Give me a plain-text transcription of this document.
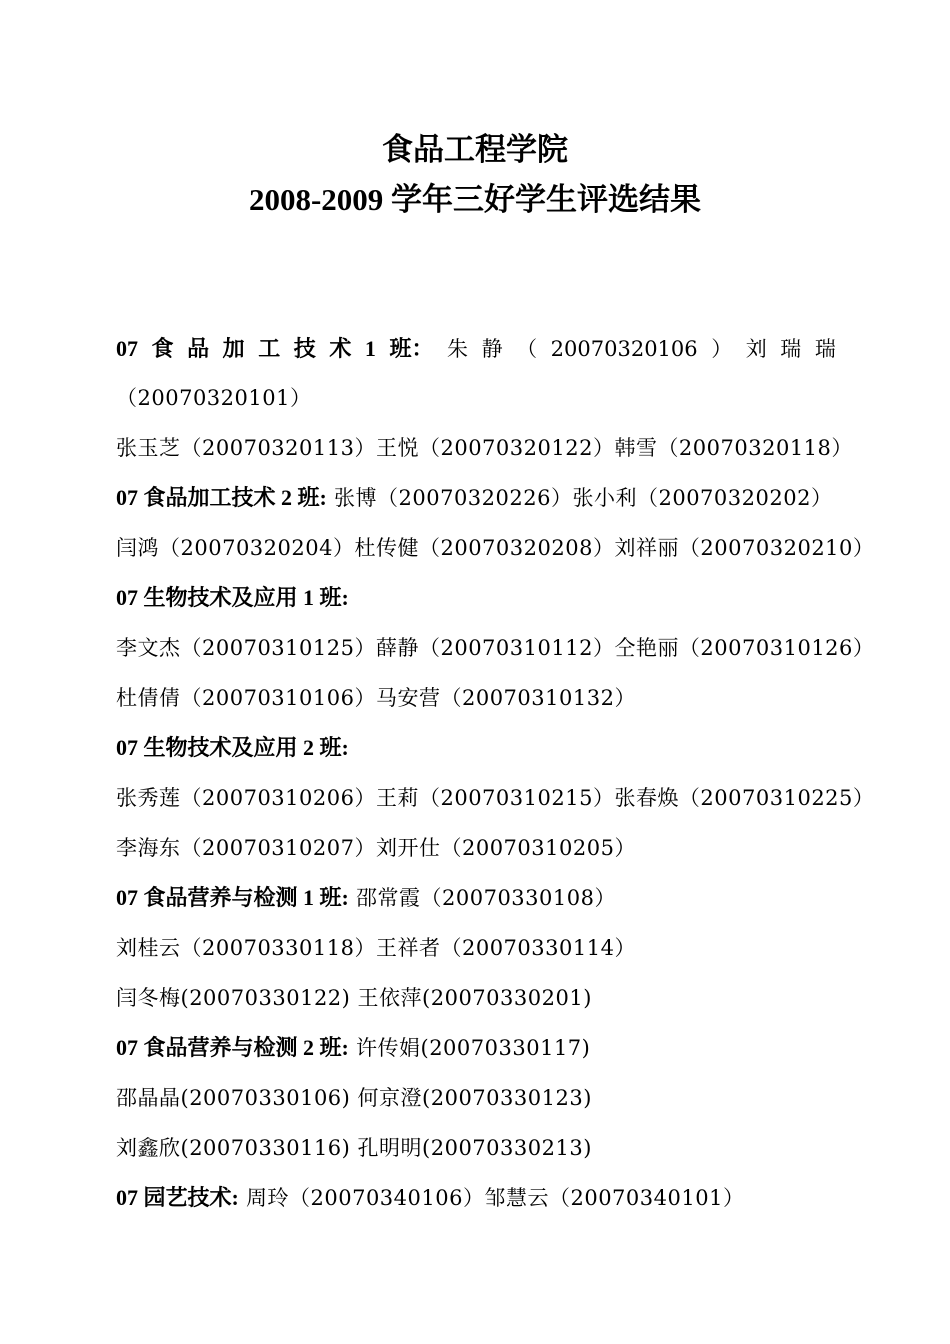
食品工程学院
2008-2009 学年三好学生评选结果
07 食 品 加 工 技 术 1 班： 朱 静 （ 20070320106 ） 刘 瑞 瑞
（20070320101）
张玉芝（20070320113）王悦（20070320122）韩雪（20070320118）
07 食品加工技术 2 班: 张博（20070320226）张小利（20070320202）
闫鸿（20070320204）杜传健（20070320208）刘祥丽（20070320210）
07 生物技术及应用 1 班:
李文杰（20070310125）薛静（20070310112）仝艳丽（20070310126）
杜倩倩（20070310106）马安营（20070310132）
07 生物技术及应用 2 班:
张秀莲（20070310206）王莉（20070310215）张春焕（20070310225）
李海东（20070310207）刘开仕（20070310205）
07 食品营养与检测 1 班: 邵常霞（20070330108）
刘桂云（20070330118）王祥者（20070330114）
闫冬梅(20070330122) 王依萍(20070330201)
07 食品营养与检测 2 班: 许传娟(20070330117)
邵晶晶(20070330106) 何京澄(20070330123)
刘鑫欣(20070330116) 孔明明(20070330213)
07 园艺技术: 周玲（20070340106）邹慧云（20070340101）
